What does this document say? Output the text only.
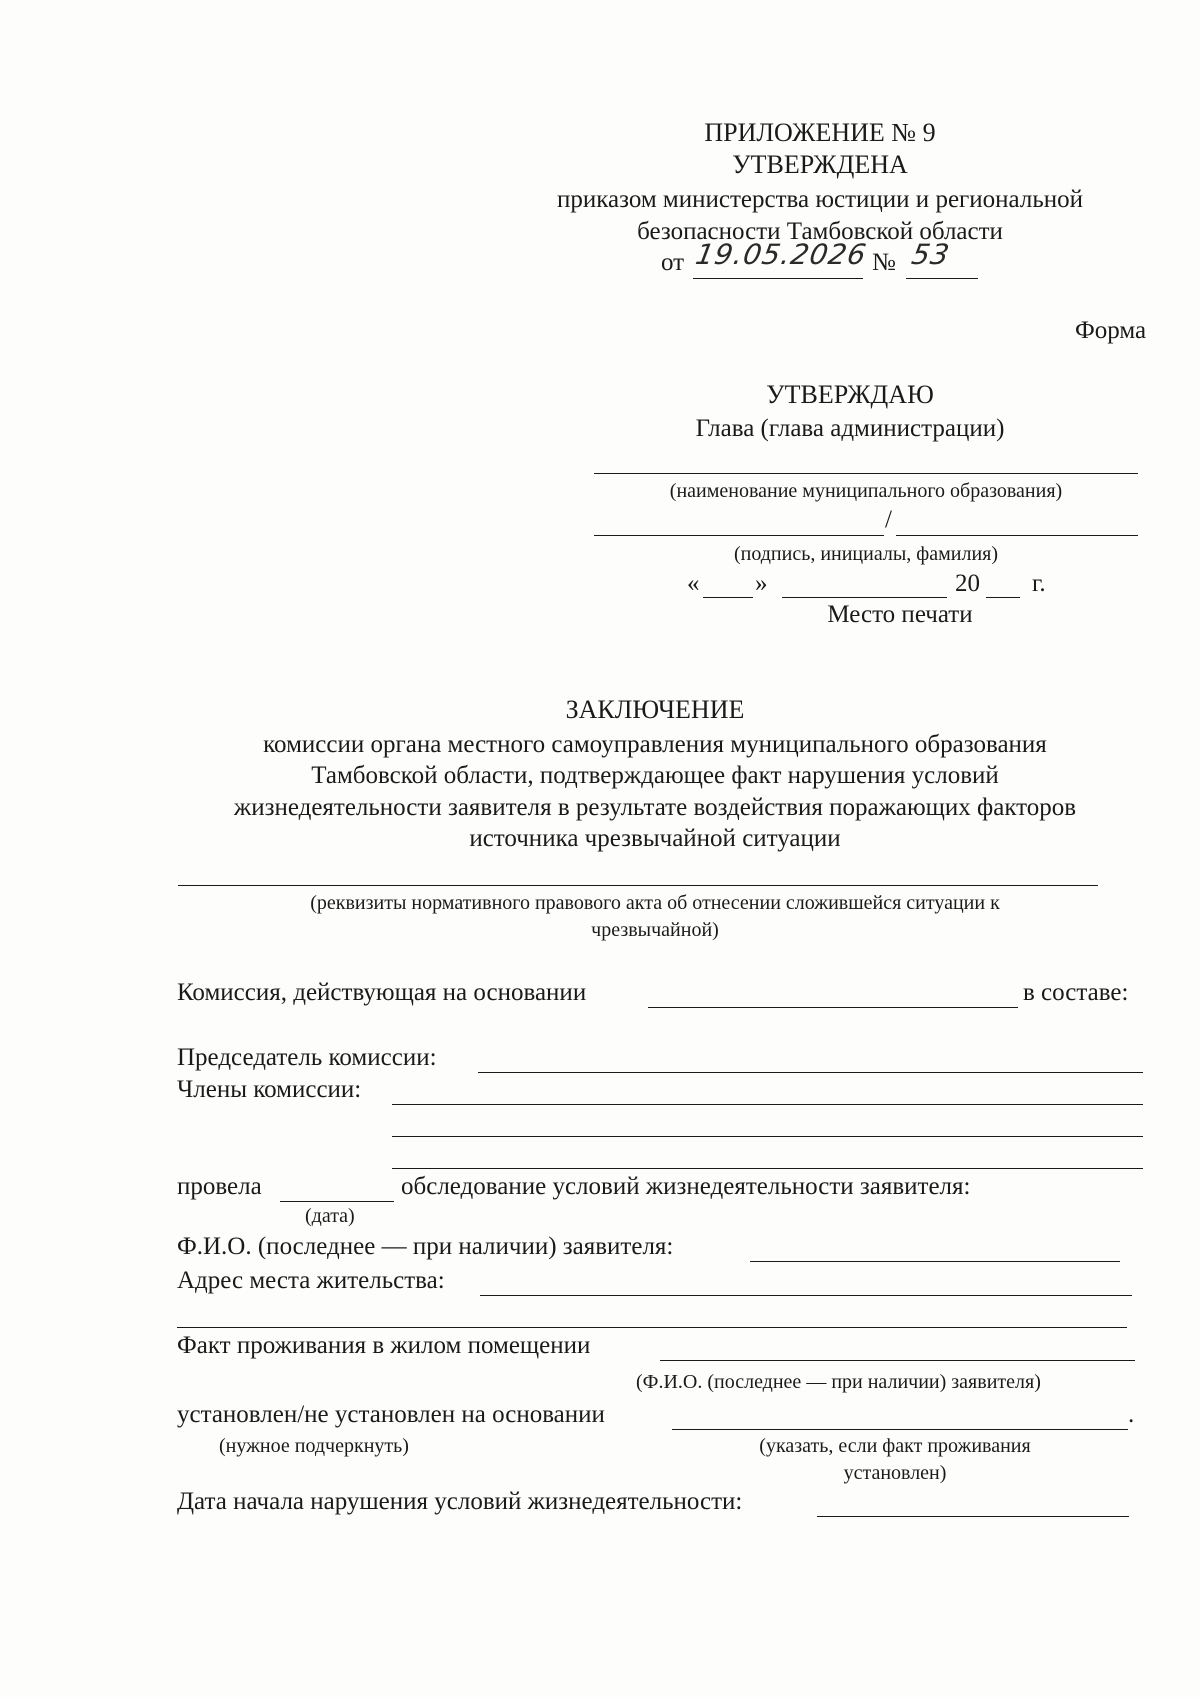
ПРИЛОЖЕНИЕ № 9
УТВЕРЖДЕНА
приказом министерства юстиции и региональной
безопасности Тамбовской области
от 19.05.2026 № 53
Форма
УТВЕРЖДАЮ
Глава (глава администрации)
(наименование муниципального образования)
/
(подпись, инициалы, фамилия)
« »	20 г.
Место печати
ЗАКЛЮЧЕНИЕ
комиссии органа местного самоуправления муниципального образования
Тамбовской области, подтверждающее факт нарушения условий
жизнедеятельности заявителя в результате воздействия поражающих факторов
источника чрезвычайной ситуации
(реквизиты нормативного правового акта об отнесении сложившейся ситуации к
чрезвычайной)
Комиссия, действующая на основании	в составе:
Председатель комиссии:
Члены комиссии:
провела	обследование условий жизнедеятельности заявителя:
(дата)
Ф.И.О. (последнее — при наличии) заявителя:
Адрес места жительства:
Факт проживания в жилом помещении
(Ф.И.О. (последнее — при наличии) заявителя)
установлен/не установлен на основании	.
(нужное подчеркнуть)	(указать, если факт проживания
установлен)
Дата начала нарушения условий жизнедеятельности:
